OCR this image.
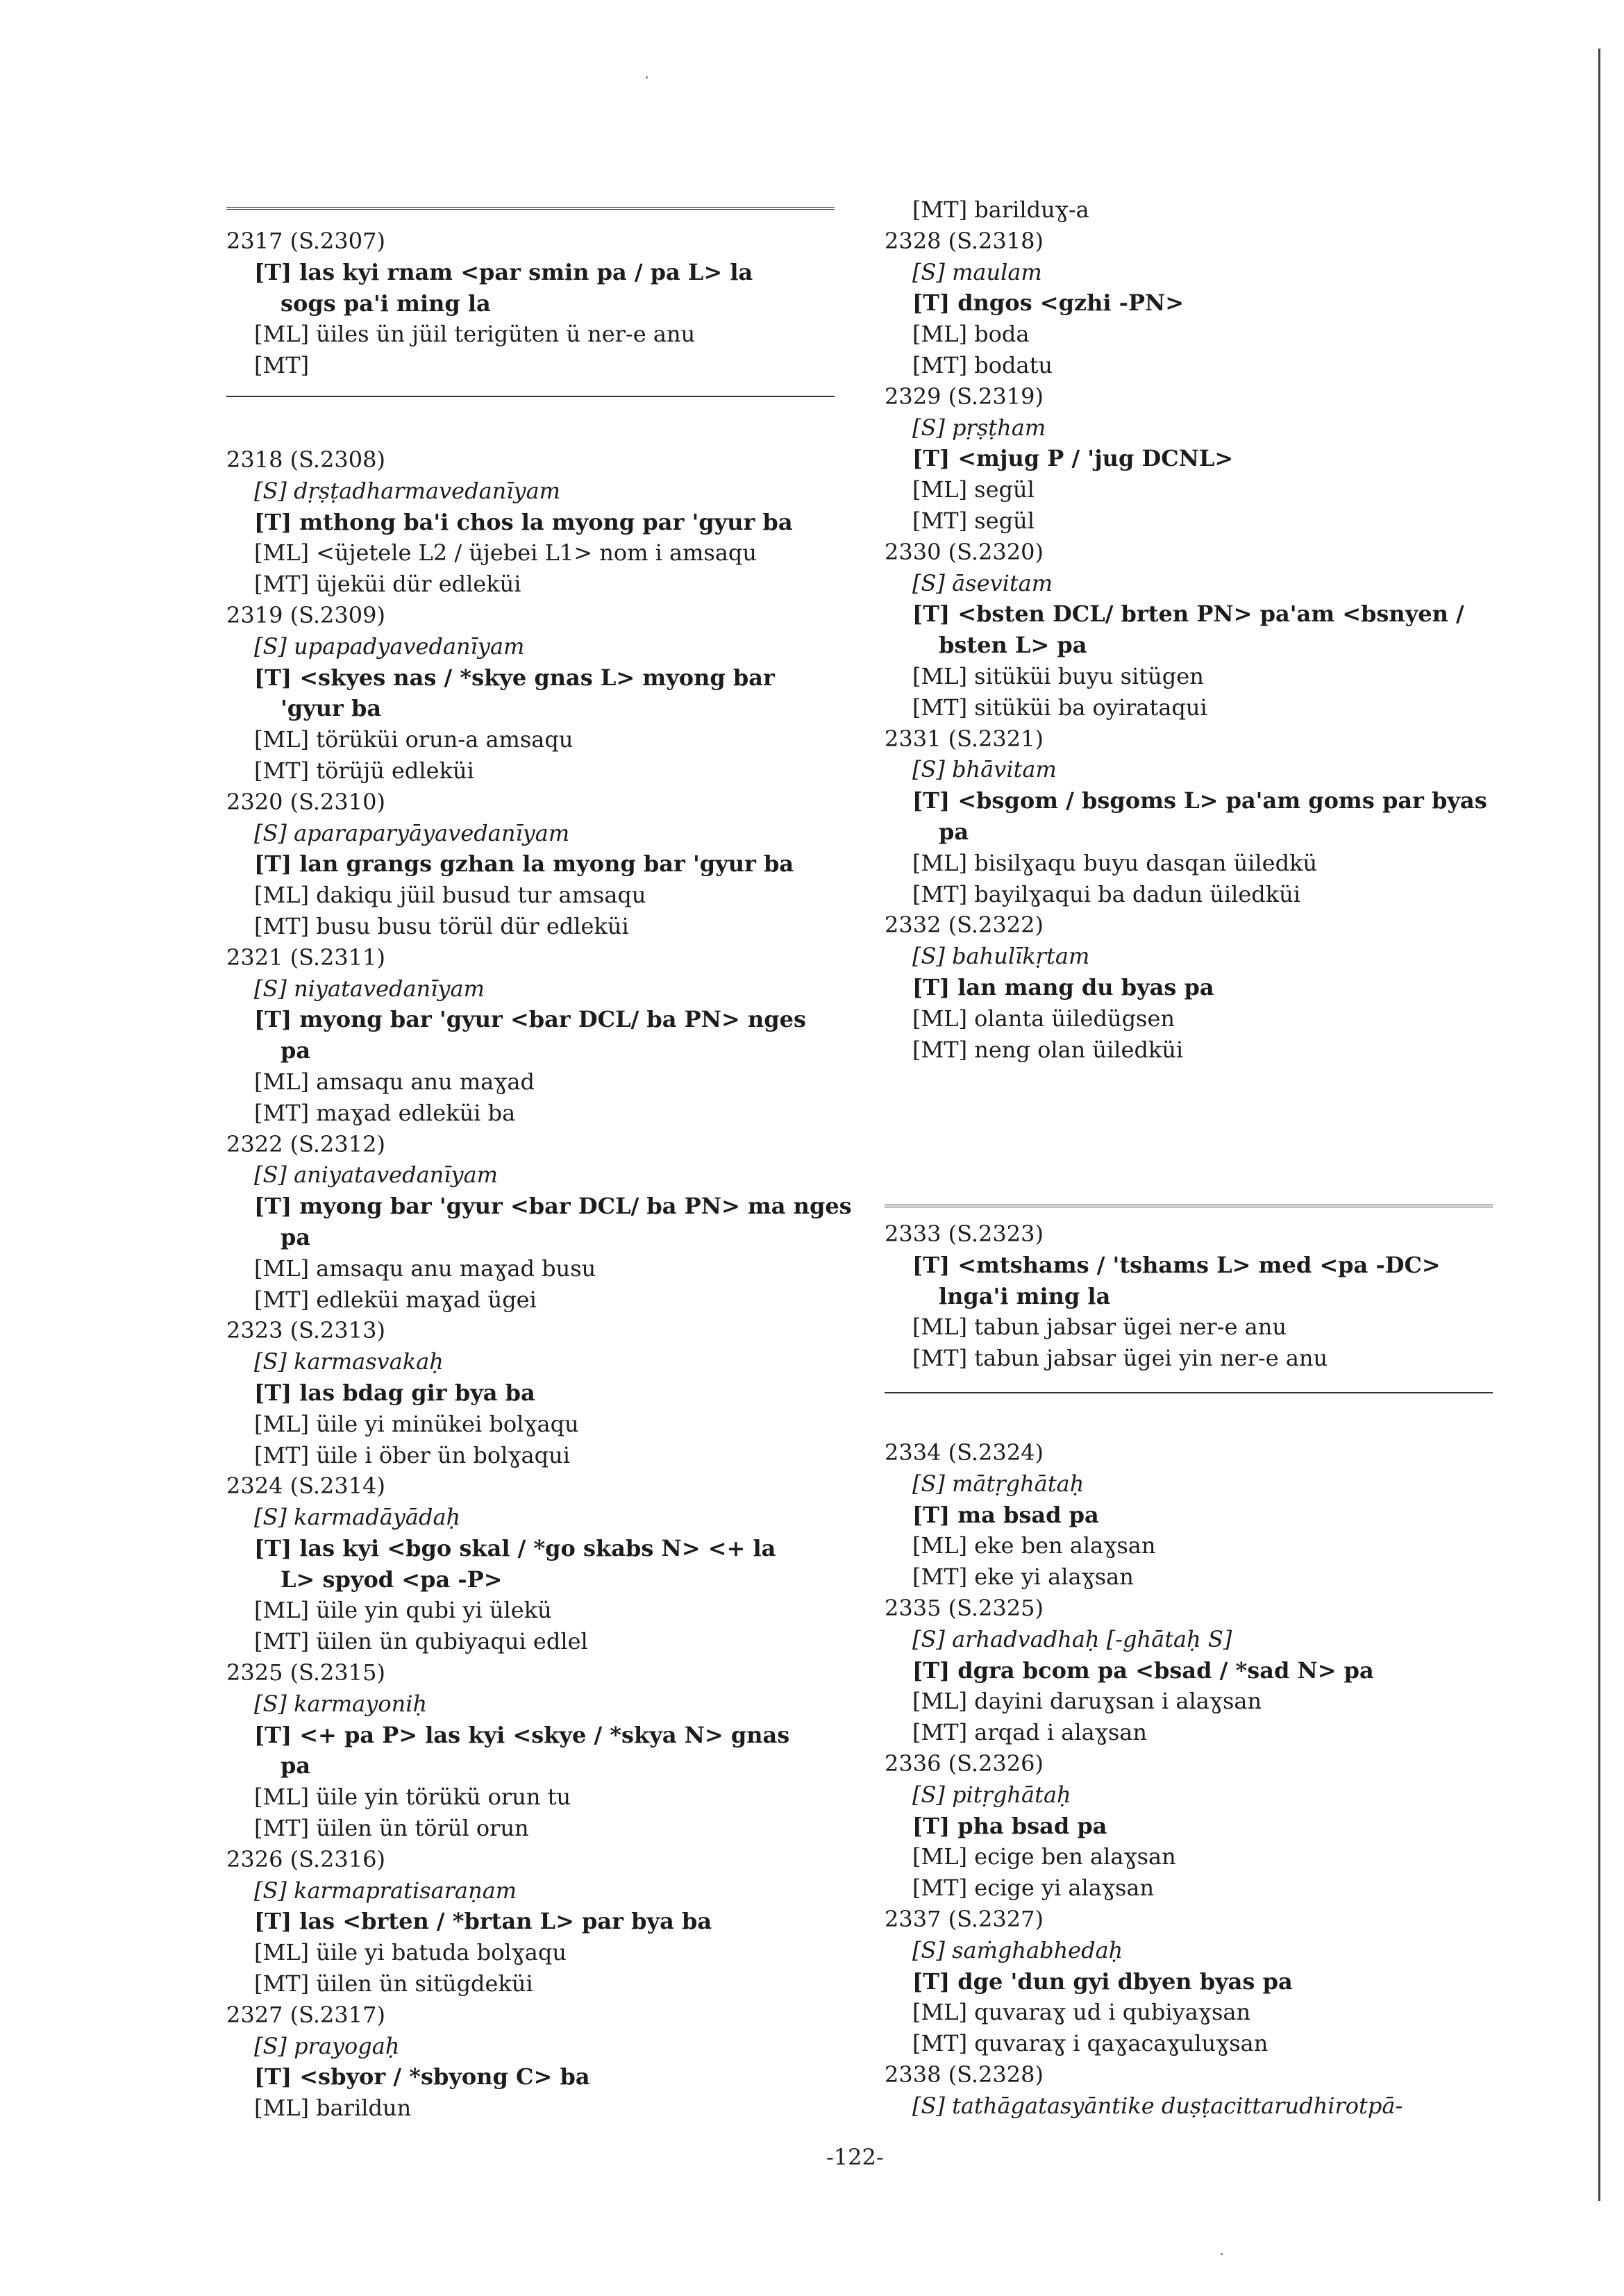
2317 (S.2307)
[T] las kyi rnam <par smin pa / pa L> la
sogs pa'i ming la
[ML] üiles ün jüil terigüten ü ner-e anu
[MT]
2318 (S.2308)
[S] dṛṣṭadharmavedanīyam
[T] mthong ba'i chos la myong par 'gyur ba
[ML] <üjetele L2 / üjebei L1> nom i amsaqu
[MT] üjeküi dür edleküi
2319 (S.2309)
[S] upapadyavedanīyam
[T] <skyes nas / *skye gnas L> myong bar
'gyur ba
[ML] törüküi orun-a amsaqu
[MT] törüjü edleküi
2320 (S.2310)
[S] aparaparyāyavedanīyam
[T] lan grangs gzhan la myong bar 'gyur ba
[ML] dakiqu jüil busud tur amsaqu
[MT] busu busu törül dür edleküi
2321 (S.2311)
[S] niyatavedanīyam
[T] myong bar 'gyur <bar DCL/ ba PN> nges
pa
[ML] amsaqu anu maɣad
[MT] maɣad edleküi ba
2322 (S.2312)
[S] aniyatavedanīyam
[T] myong bar 'gyur <bar DCL/ ba PN> ma nges
pa
[ML] amsaqu anu maɣad busu
[MT] edleküi maɣad ügei
2323 (S.2313)
[S] karmasvakaḥ
[T] las bdag gir bya ba
[ML] üile yi minükei bolɣaqu
[MT] üile i öber ün bolɣaqui
2324 (S.2314)
[S] karmadāyādaḥ
[T] las kyi <bgo skal / *go skabs N> <+ la
L> spyod <pa -P>
[ML] üile yin qubi yi ülekü
[MT] üilen ün qubiyaqui edlel
2325 (S.2315)
[S] karmayoniḥ
[T] <+ pa P> las kyi <skye / *skya N> gnas
pa
[ML] üile yin törükü orun tu
[MT] üilen ün törül orun
2326 (S.2316)
[S] karmapratisaraṇam
[T] las <brten / *brtan L> par bya ba
[ML] üile yi batuda bolɣaqu
[MT] üilen ün sitügdeküi
2327 (S.2317)
[S] prayogaḥ
[T] <sbyor / *sbyong C> ba
[ML] barildun
[MT] barilduɣ-a
2328 (S.2318)
[S] maulam
[T] dngos <gzhi -PN>
[ML] boda
[MT] bodatu
2329 (S.2319)
[S] pṛṣṭham
[T] <mjug P / 'jug DCNL>
[ML] segül
[MT] segül
2330 (S.2320)
[S] āsevitam
[T] <bsten DCL/ brten PN> pa'am <bsnyen /
bsten L> pa
[ML] sitüküi buyu sitügen
[MT] sitüküi ba oyirataqui
2331 (S.2321)
[S] bhāvitam
[T] <bsgom / bsgoms L> pa'am goms par byas
pa
[ML] bisilɣaqu buyu dasqan üiledkü
[MT] bayilɣaqui ba dadun üiledküi
2332 (S.2322)
[S] bahulīkṛtam
[T] lan mang du byas pa
[ML] olanta üiledügsen
[MT] neng olan üiledküi
2333 (S.2323)
[T] <mtshams / 'tshams L> med <pa -DC>
lnga'i ming la
[ML] tabun jabsar ügei ner-e anu
[MT] tabun jabsar ügei yin ner-e anu
2334 (S.2324)
[S] mātṛghātaḥ
[T] ma bsad pa
[ML] eke ben alaɣsan
[MT] eke yi alaɣsan
2335 (S.2325)
[S] arhadvadhaḥ [-ghātaḥ S]
[T] dgra bcom pa <bsad / *sad N> pa
[ML] dayini daruɣsan i alaɣsan
[MT] arqad i alaɣsan
2336 (S.2326)
[S] pitṛghātaḥ
[T] pha bsad pa
[ML] ecige ben alaɣsan
[MT] ecige yi alaɣsan
2337 (S.2327)
[S] saṁghabhedaḥ
[T] dge 'dun gyi dbyen byas pa
[ML] quvaraɣ ud i qubiyaɣsan
[MT] quvaraɣ i qaɣacaɣuluɣsan
2338 (S.2328)
[S] tathāgatasyāntike duṣṭacittarudhirotpā-
-122-
